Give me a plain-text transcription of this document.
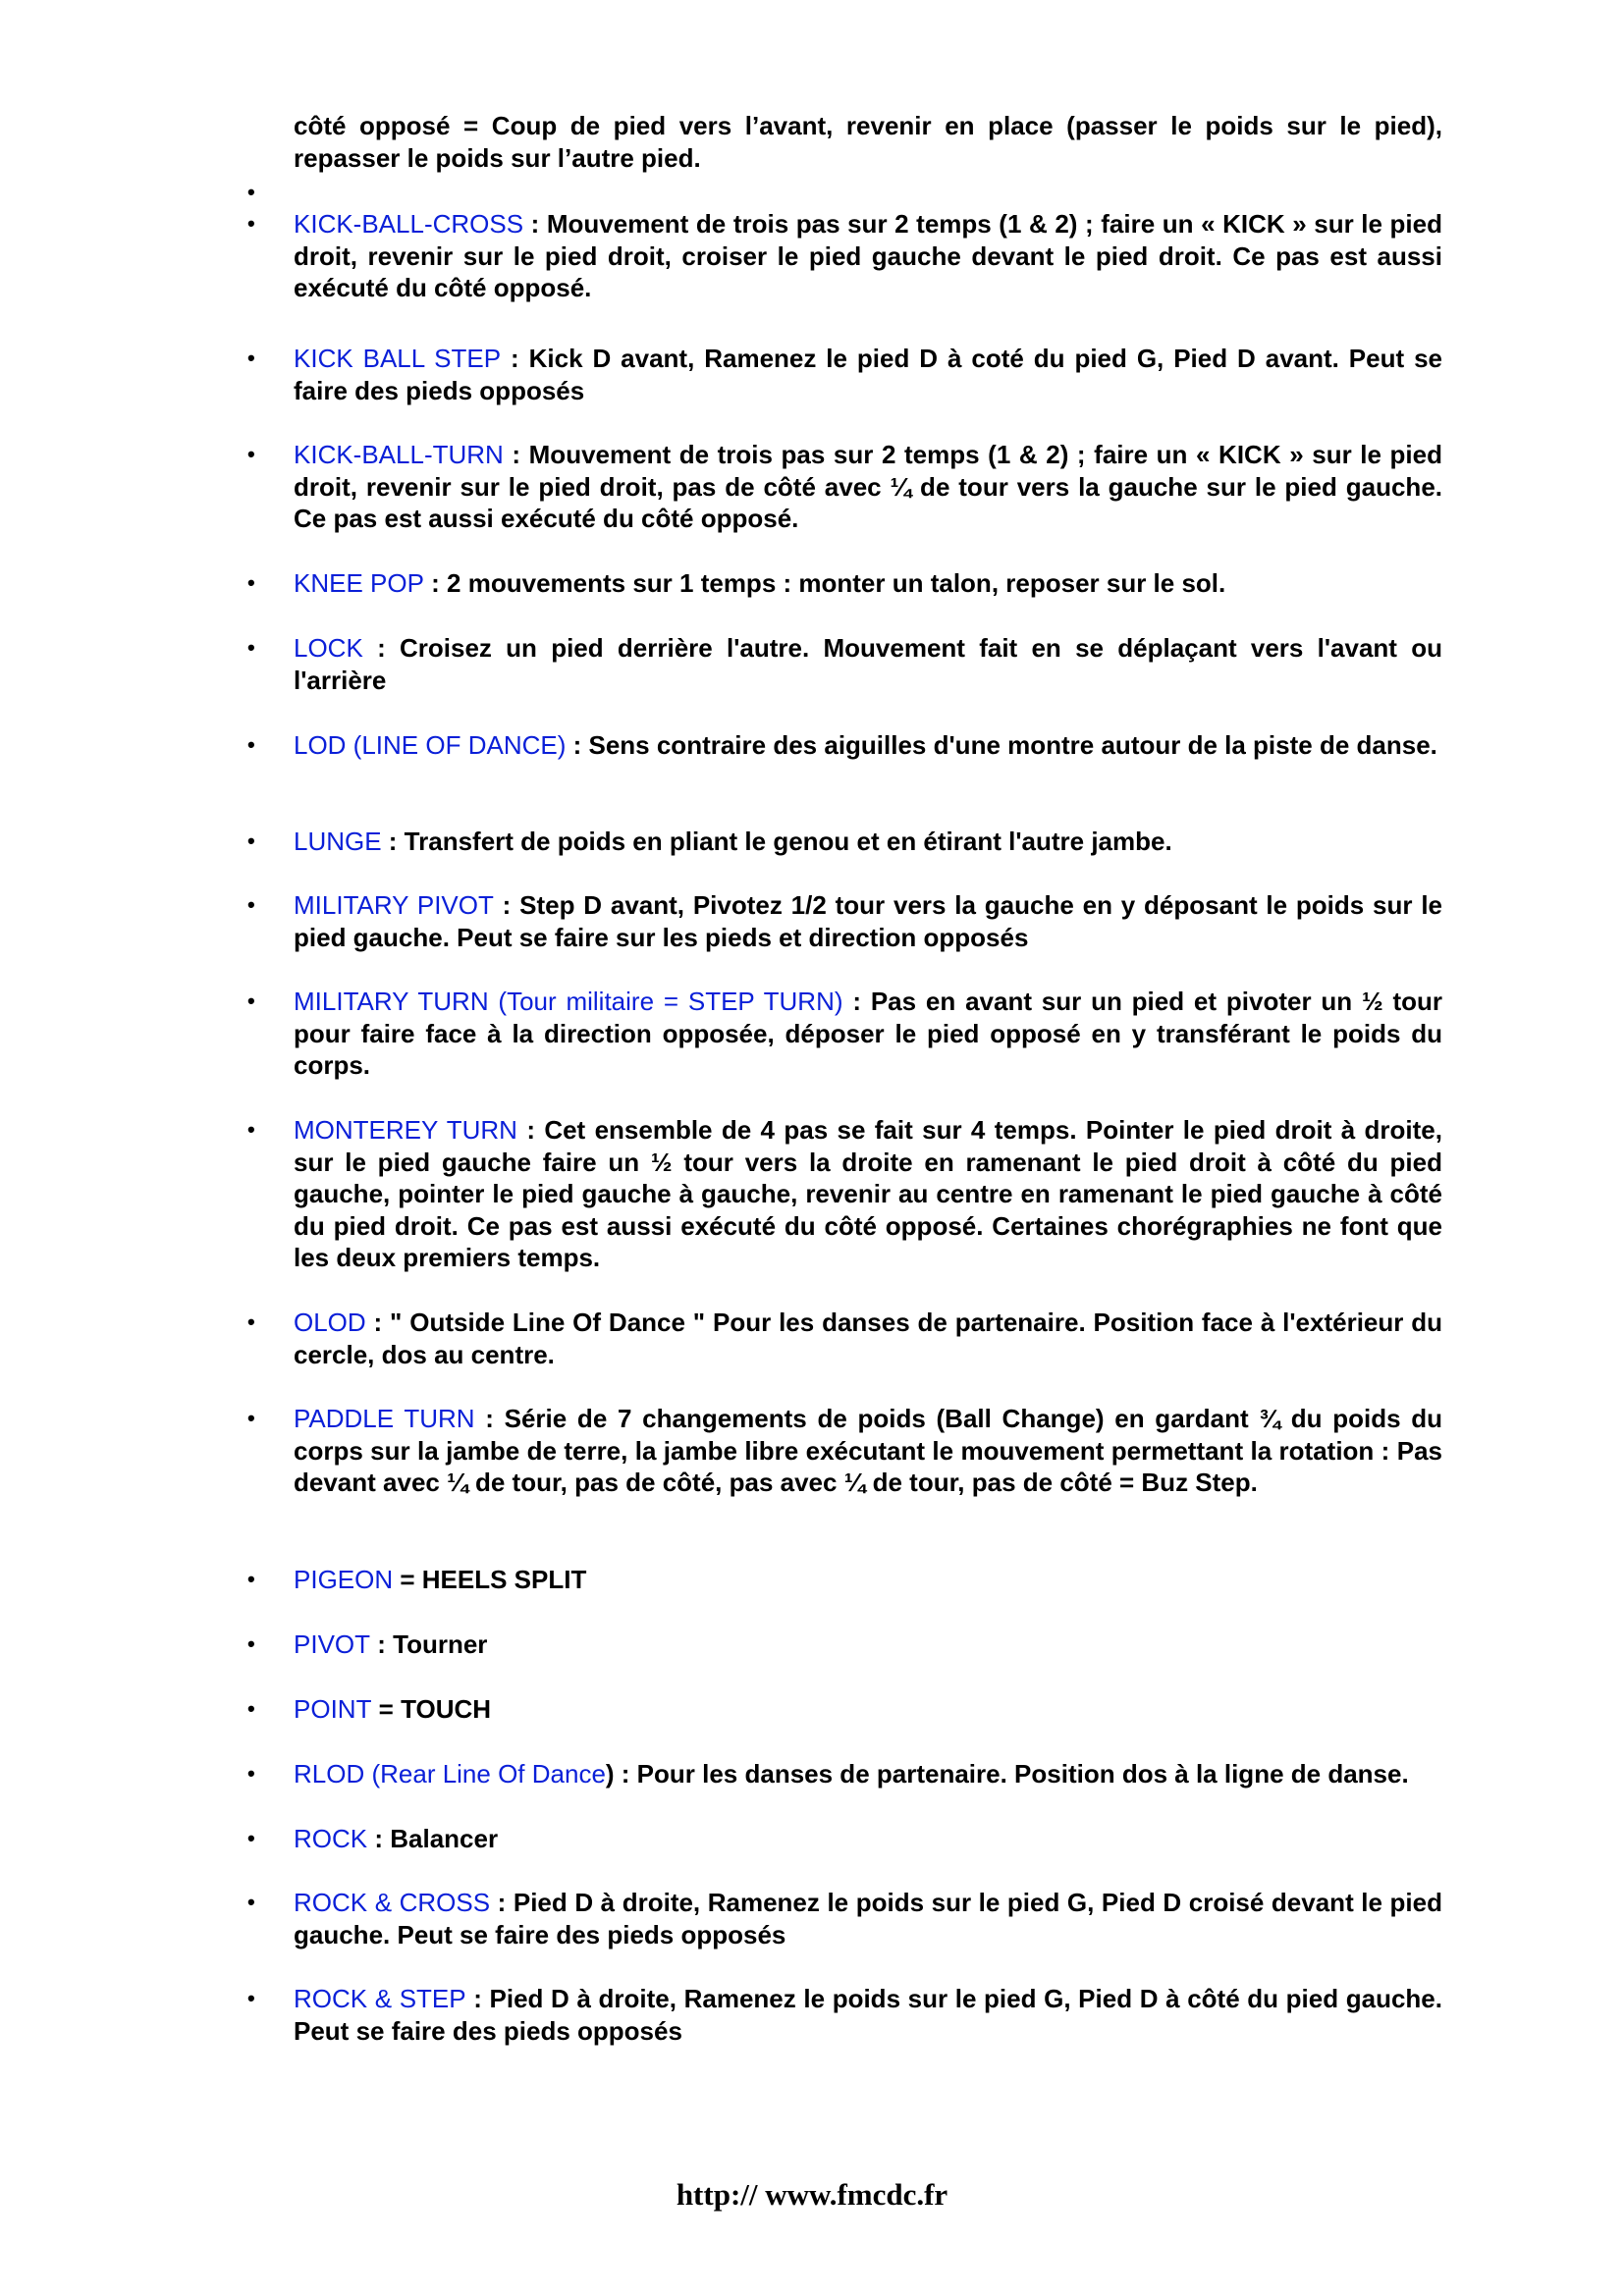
côté opposé = Coup de pied vers l’avant, revenir en place (passer le poids sur le pied), repasser le poids sur l’autre pied.
•
•	KICK-BALL-CROSS : Mouvement de trois pas sur 2 temps (1 & 2) ; faire un « KICK » sur le pied droit, revenir sur le pied droit, croiser le pied gauche devant le pied droit. Ce pas est aussi exécuté du côté opposé.
•	KICK BALL STEP : Kick D avant, Ramenez le pied D à coté du pied G, Pied D avant. Peut se faire des pieds opposés
•	KICK-BALL-TURN : Mouvement de trois pas sur 2 temps (1 & 2) ; faire un « KICK » sur le pied droit, revenir sur le pied droit, pas de côté avec ¼ de tour vers la gauche sur le pied gauche. Ce pas est aussi exécuté du côté opposé.
•	KNEE POP : 2 mouvements sur 1 temps : monter un talon, reposer sur le sol.
•	LOCK : Croisez un pied derrière l'autre. Mouvement fait en se déplaçant vers l'avant ou l'arrière
•	LOD (LINE OF DANCE) : Sens contraire des aiguilles d'une montre autour de la piste de danse.
•	LUNGE : Transfert de poids en pliant le genou et en étirant l'autre jambe.
•	MILITARY PIVOT : Step D avant, Pivotez 1/2 tour vers la gauche en y déposant le poids sur le pied gauche. Peut se faire sur les pieds et direction opposés
•	MILITARY TURN (Tour militaire = STEP TURN) : Pas en avant sur un pied et pivoter un ½ tour pour faire face à la direction opposée, déposer le pied opposé en y transférant le poids du corps.
•	MONTEREY TURN : Cet ensemble de 4 pas se fait sur 4 temps. Pointer le pied droit à droite, sur le pied gauche faire un ½ tour vers la droite en ramenant le pied droit à côté du pied gauche, pointer le pied gauche à gauche, revenir au centre en ramenant le pied gauche à côté du pied droit. Ce pas est aussi exécuté du côté opposé. Certaines chorégraphies ne font que les deux premiers temps.
•	OLOD : " Outside Line Of Dance " Pour les danses de partenaire. Position face à l'extérieur du cercle, dos au centre.
•	PADDLE TURN : Série de 7 changements de poids (Ball Change) en gardant ¾ du poids du corps sur la jambe de terre, la jambe libre exécutant le mouvement permettant la rotation : Pas devant avec ¼ de tour, pas de côté, pas avec ¼ de tour, pas de côté = Buz Step.
•	PIGEON = HEELS SPLIT
•	PIVOT : Tourner
•	POINT = TOUCH
•	RLOD (Rear Line Of Dance) : Pour les danses de partenaire. Position dos à la ligne de danse.
•	ROCK : Balancer
•	ROCK & CROSS : Pied D à droite, Ramenez le poids sur le pied G, Pied D croisé devant le pied gauche. Peut se faire des pieds opposés
•	ROCK & STEP : Pied D à droite, Ramenez le poids sur le pied G, Pied D à côté du pied gauche. Peut se faire des pieds opposés
http:// www.fmcdc.fr
